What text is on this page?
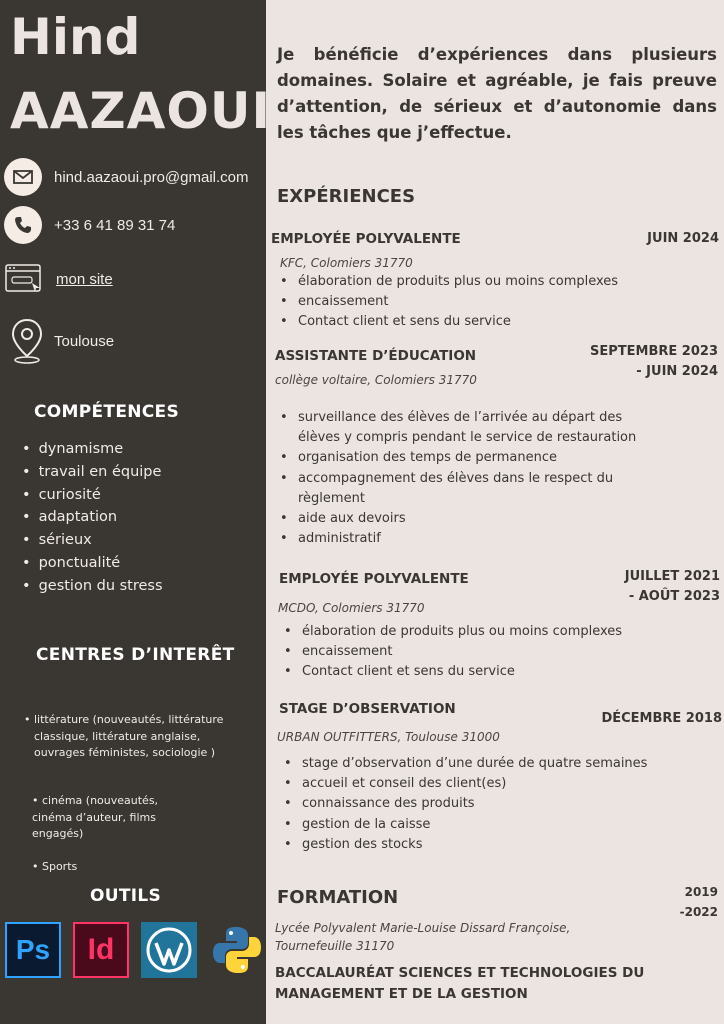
Hind
AAZAOUI
hind.aazaoui.pro@gmail.com
+33 6 41 89 31 74
mon site
Toulouse
COMPÉTENCES
• dynamisme
• travail en équipe
• curiosité
• adaptation
• sérieux
• ponctualité
• gestion du stress
CENTRES D’INTERÊT
• littérature (nouveautés, littérature classique, littérature anglaise, ouvrages féministes, sociologie )
• cinéma (nouveautés, cinéma d’auteur, films engagés)
• Sports
OUTILS
Ps	Id
Je bénéficie d’expériences dans plusieurs domaines. Solaire et agréable, je fais preuve d’attention, de sérieux et d’autonomie dans les tâches que j’effectue.
EXPÉRIENCES
EMPLOYÉE POLYVALENTE	JUIN 2024
KFC, Colomiers 31770
• élaboration de produits plus ou moins complexes
• encaissement
• Contact client et sens du service
ASSISTANTE D’ÉDUCATION	SEPTEMBRE 2023
- JUIN 2024
collège voltaire, Colomiers 31770
• surveillance des élèves de l’arrivée au départ des élèves y compris pendant le service de restauration
• organisation des temps de permanence
• accompagnement des élèves dans le respect du règlement
• aide aux devoirs
• administratif
EMPLOYÉE POLYVALENTE	JUILLET 2021
- AOÛT 2023
MCDO, Colomiers 31770
• élaboration de produits plus ou moins complexes
• encaissement
• Contact client et sens du service
STAGE D’OBSERVATION
DÉCEMBRE 2018
URBAN OUTFITTERS, Toulouse 31000
• stage d’observation d’une durée de quatre semaines
• accueil et conseil des client(es)
• connaissance des produits
• gestion de la caisse
• gestion des stocks
FORMATION	2019
-2022
Lycée Polyvalent Marie-Louise Dissard Françoise, Tournefeuille 31170
BACCALAURÉAT SCIENCES ET TECHNOLOGIES DU MANAGEMENT ET DE LA GESTION
